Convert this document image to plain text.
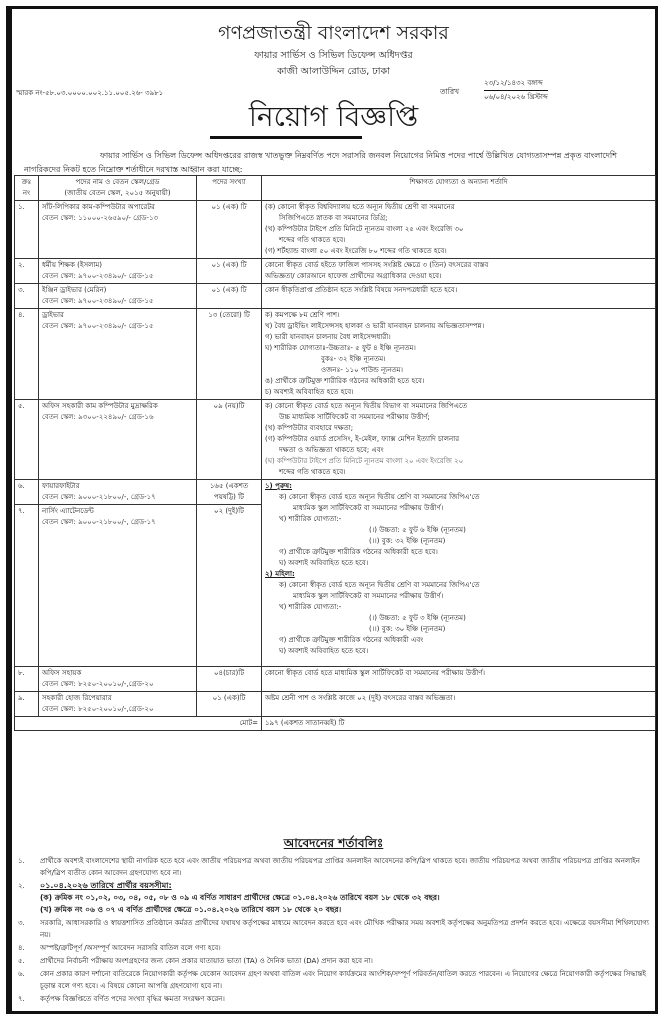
গণপ্রজাতন্ত্রী বাংলাদেশ সরকার
ফায়ার সার্ভিস ও সিভিল ডিফেন্স অধিদপ্তর
কাজী আলাউদ্দিন রোড, ঢাকা
স্মারক নং-৫৮.০৩.০০০০.০০২.১১.০০৫.২৬- ৩৯৮১	তারিখ
২৩/১২/১৪৩২ বঙ্গাব্দ
০৬/০৪/২০২৬ খ্রিস্টাব্দ
নিয়োগ বিজ্ঞপ্তি
ফায়ার সার্ভিস ও সিভিল ডিফেন্স অধিদপ্তরের রাজস্ব খাতভুক্ত নিম্নবর্ণিত পদে সরাসরি জনবল নিয়োগের নিমিত্ত পদের পার্শ্বে উল্লিখিত যোগ্যতাসম্পন্ন প্রকৃত বাংলাদেশি নাগরিকদের নিকট হতে নিম্নোক্ত শর্তাধীনে দরখাস্ত আহ্বান করা যাচ্ছে:
ক্রঃ নং	পদের নাম ও বেতন স্কেল/গ্রেড
(জাতীয় বেতন স্কেল, ২০১৫ অনুযায়ী)	পদের সংখ্যা	শিক্ষাগত যোগ্যতা ও অন্যান্য শর্তাদি
১.	সাঁট-লিপিকার কাম-কম্পিউটার অপারেটর
বেতন স্কেল: ১১০০০-২৬৫৯০/- গ্রেড-১৩
	০১ (এক) টি	(ক) কোনো স্বীকৃত বিশ্ববিদ্যালয় হতে অন্যূন দ্বিতীয় শ্রেণী বা সমমানের
সিজিপিএতে স্নাতক বা সমমানের ডিগ্রি;
(খ) কম্পিউটার টাইপে প্রতি মিনিটে ন্যূনতম বাংলা ২৫ এবং ইংরেজি ৩০
শব্দের গতি থাকতে হবে।
(গ) শর্টহ্যান্ড বাংলা ৫০ এবং ইংরেজি ৮০ শব্দের গতি থাকতে হবে।

২.	ধর্মীয় শিক্ষক (ইসলাম)
বেতন স্কেল: ৯৭০০-২৩৪৯০/- গ্রেড-১৫
	০১ (এক) টি	কোনো স্বীকৃত বোর্ড হইতে ফাজিল পাসসহ সংশ্লিষ্ট ক্ষেত্রে ৩ (তিন) বৎসরের বাস্তব
অভিজ্ঞতা/ কোরআনে হাফেজ প্রার্থীদের অগ্রাধিকার দেওয়া হবে।

৩.	ইঞ্জিন ড্রাইভার (মেরিন)
বেতন স্কেল: ৯৭০০-২৩৪৯০/- গ্রেড-১৫	০১ (এক) টি	কোন স্বীকৃতিপ্রাপ্ত প্রতিষ্ঠান হতে সংশ্লিষ্ট বিষয়ে সনদপত্রধারী হতে হবে।

৪.	ড্রাইভার
বেতন স্কেল: ৯৭০০-২৩৪৯০/- গ্রেড-১৫
	১৩ (তেরো) টি	ক) কমপক্ষে ৮ম শ্রেণি পাশ।
খ) বৈধ ড্রাইভিং লাইসেন্সসহ হালকা ও ভারী যানবাহন চালনায় অভিজ্ঞতাসম্পন্ন।
গ) ভারী যানবাহন চালনায় বৈধ লাইসেন্সধারী।
ঘ) শারীরিক যোগ্যতাঃ-উচ্চতাঃ- ৫ ফুট ৪ ইঞ্চি ন্যূনতম।
বুকঃ- ৩২ ইঞ্চি ন্যূনতম।
ওজনঃ- ১১০ পাউন্ড ন্যূনতম।
ঙ) প্রার্থীকে ত্রুটিমুক্ত শারীরিক গঠনের অধিকারী হতে হবে।
চ) অবশ্যই অবিবাহিত হতে হবে।

৫.	অফিস সহকারী কাম কম্পিউটার মুদ্রাক্ষরিক
বেতন স্কেল: ৯৩০০-২২৪৯০/- গ্রেড-১৬
	০৯ (নয়)টি	ক) কোনো স্বীকৃত বোর্ড হতে অন্যূন দ্বিতীয় বিভাগ বা সমমানের জিপিএতে
উচ্চ মাধ্যমিক সার্টিফিকেট বা সমমানের পরীক্ষায় উত্তীর্ণ;
(খ) কম্পিউটার ব্যবহারে দক্ষতা;
(গ) কম্পিউটার ওয়ার্ড প্রসেসিং, ই-মেইল, ফ্যাক্স মেশিন ইত্যাদি চালনার
দক্ষতা ও অভিজ্ঞতা থাকতে হবে; এবং
(ঘ) কম্পিউটার টাইপে প্রতি মিনিটে ন্যূনতম বাংলা ২০ এবং ইংরেজি ২০
শব্দের গতি থাকতে হবে।

৬.	ফায়ারফাইটার
বেতন স্কেল: ৯০০০-২১৮০০/-, গ্রেড-১৭
	১৬৫ (একশত পয়ষট্টি) টি	
১) পুরুষ:
ক) কোনো স্বীকৃত বোর্ড হতে অন্যূন দ্বিতীয় শ্রেণি বা সমমানের জিপিএ'তে
মাধ্যমিক স্কুল সার্টিফিকেট বা সমমানের পরীক্ষায় উত্তীর্ণ।
খ) শারীরিক যোগ্যতা:-
(।) উচ্চতা: ৫ ফুট ৬ ইঞ্চি (ন্যূনতম)
(।।) বুক: ৩২ ইঞ্চি (ন্যূনতম)
গ) প্রার্থীকে ত্রুটিমুক্ত শারীরিক গঠনের অধিকারী হতে হবে।
ঘ) অবশ্যই অবিবাহিত হতে হবে।
২) মহিলা:
ক) কোনো স্বীকৃত বোর্ড হতে অন্যূন দ্বিতীয় শ্রেণি বা সমমানের জিপিএ'তে
মাধ্যমিক স্কুল সার্টিফিকেট বা সমমানের পরীক্ষায় উত্তীর্ণ।
খ) শারীরিক যোগ্যতা:-
(।) উচ্চতা: ৫ ফুট ৩ ইঞ্চি (ন্যূনতম)
(।।) বুক: ৩০ ইঞ্চি (ন্যূনতম)
গ) প্রার্থীকে ত্রুটিমুক্ত শারীরিক গঠনের অধিকারী এবং
ঘ) অবশ্যই অবিবাহিত হতে হবে।

৭.	নার্সিং এ্যাটেনডেন্ট
বেতন স্কেল: ৯০০০-২১৮০০/-, গ্রেড-১৭	০২ (দুই)টি	
৮.	অফিস সহায়ক
বেতন স্কেল: ৮২৫০-২০০১০/-,গ্রেড-২০	০৪(চার)টি	কোনো স্বীকৃত বোর্ড হতে মাধ্যমিক স্কুল সার্টিফিকেট বা সমমানের পরীক্ষায় উত্তীর্ণ।

৯.	সহকারী হোজ রিপেয়ারার
বেতন স্কেল: ৮২৫০-২০০১০/-,গ্রেড-২০	০১ (এক)টি	অষ্টম শ্রেনী পাশ ও সংশ্লিষ্ট কাজে ০২ (দুই) বৎসরের বাস্তব অভিজ্ঞতা।

মোট=			১৯৭ (একশত সাতানব্বই) টি
আবেদনের শর্তাবলিঃ
১.	প্রার্থীকে অবশ্যই বাংলাদেশের স্থায়ী নাগরিক হতে হবে এবং জাতীয় পরিচয়পত্র অথবা জাতীয় পরিচয়পত্র প্রাপ্তির অনলাইন আবেদনের কপি/স্লিপ থাকতে হবে। জাতীয় পরিচয়পত্র অথবা জাতীয় পরিচয়পত্র প্রাপ্তির অনলাইন কপি/স্লিপ ব্যতীত কোন আবেদন গ্রহণযোগ্য হবে না।
২.	০১.০৪.২০২৬ তারিখে প্রার্থীর বয়সসীমা:
(ক) ক্রমিক নং ০১,০২, ০৩, ০৪, ০৫, ০৮ ও ০৯ এ বর্ণিত সাধারণ প্রার্থীদের ক্ষেত্রে ০১.০৪.২০২৬ তারিখে বয়স ১৮ থেকে ৩২ বছর।
(খ) ক্রমিক নং ০৬ ও ০৭ এ বর্ণিত প্রার্থীদের ক্ষেত্রে ০১.০৪.২০২৬ তারিখে বয়স ১৮ থেকে ২০ বছর।
৩.	সরকারি, আধাসরকারি ও স্বায়ত্তশাসিত প্রতিষ্ঠানে কর্মরত প্রার্থীদের যথাযথ কর্তৃপক্ষের মাধ্যমে আবেদন করতে হবে এবং মৌখিক পরীক্ষার সময় অবশ্যই কর্তৃপক্ষের অনুমতিপত্র প্রদর্শন করতে হবে। এক্ষেত্রে বয়সসীমা শিথিলযোগ্য নয়।
৪.	অস্পষ্ট/ত্রুটিপূর্ণ /অসম্পূর্ণ আবেদন সরাসরি বাতিল বলে গণ্য হবে।
৫.	প্রার্থীদের নির্বাচনী পরীক্ষায় অংশগ্রহণের জন্য কোন প্রকার যাতায়াত ভাতা (TA) ও দৈনিক ভাতা (DA) প্রদান করা হবে না।
৬.	কোন প্রকার কারণ দর্শানো ব্যতিরেকে নিয়োগকারী কর্তৃপক্ষ যেকোন আবেদন গ্রহণ অথবা বাতিল এবং নিয়োগ কার্যক্রমের আংশিক/সম্পূর্ণ পরিবর্তন/বাতিল করতে পারবেন। এ নিয়োগের ক্ষেত্রে নিয়োগকারী কর্তৃপক্ষের সিদ্ধান্তই চূড়ান্ত বলে গণ্য হবে। এ বিষয়ে কোনো আপত্তি গ্রহণযোগ্য হবে না।
৭.	কর্তৃপক্ষ বিজ্ঞপ্তিতে বর্ণিত পদের সংখ্যা বৃদ্ধির ক্ষমতা সংরক্ষণ করেন।
